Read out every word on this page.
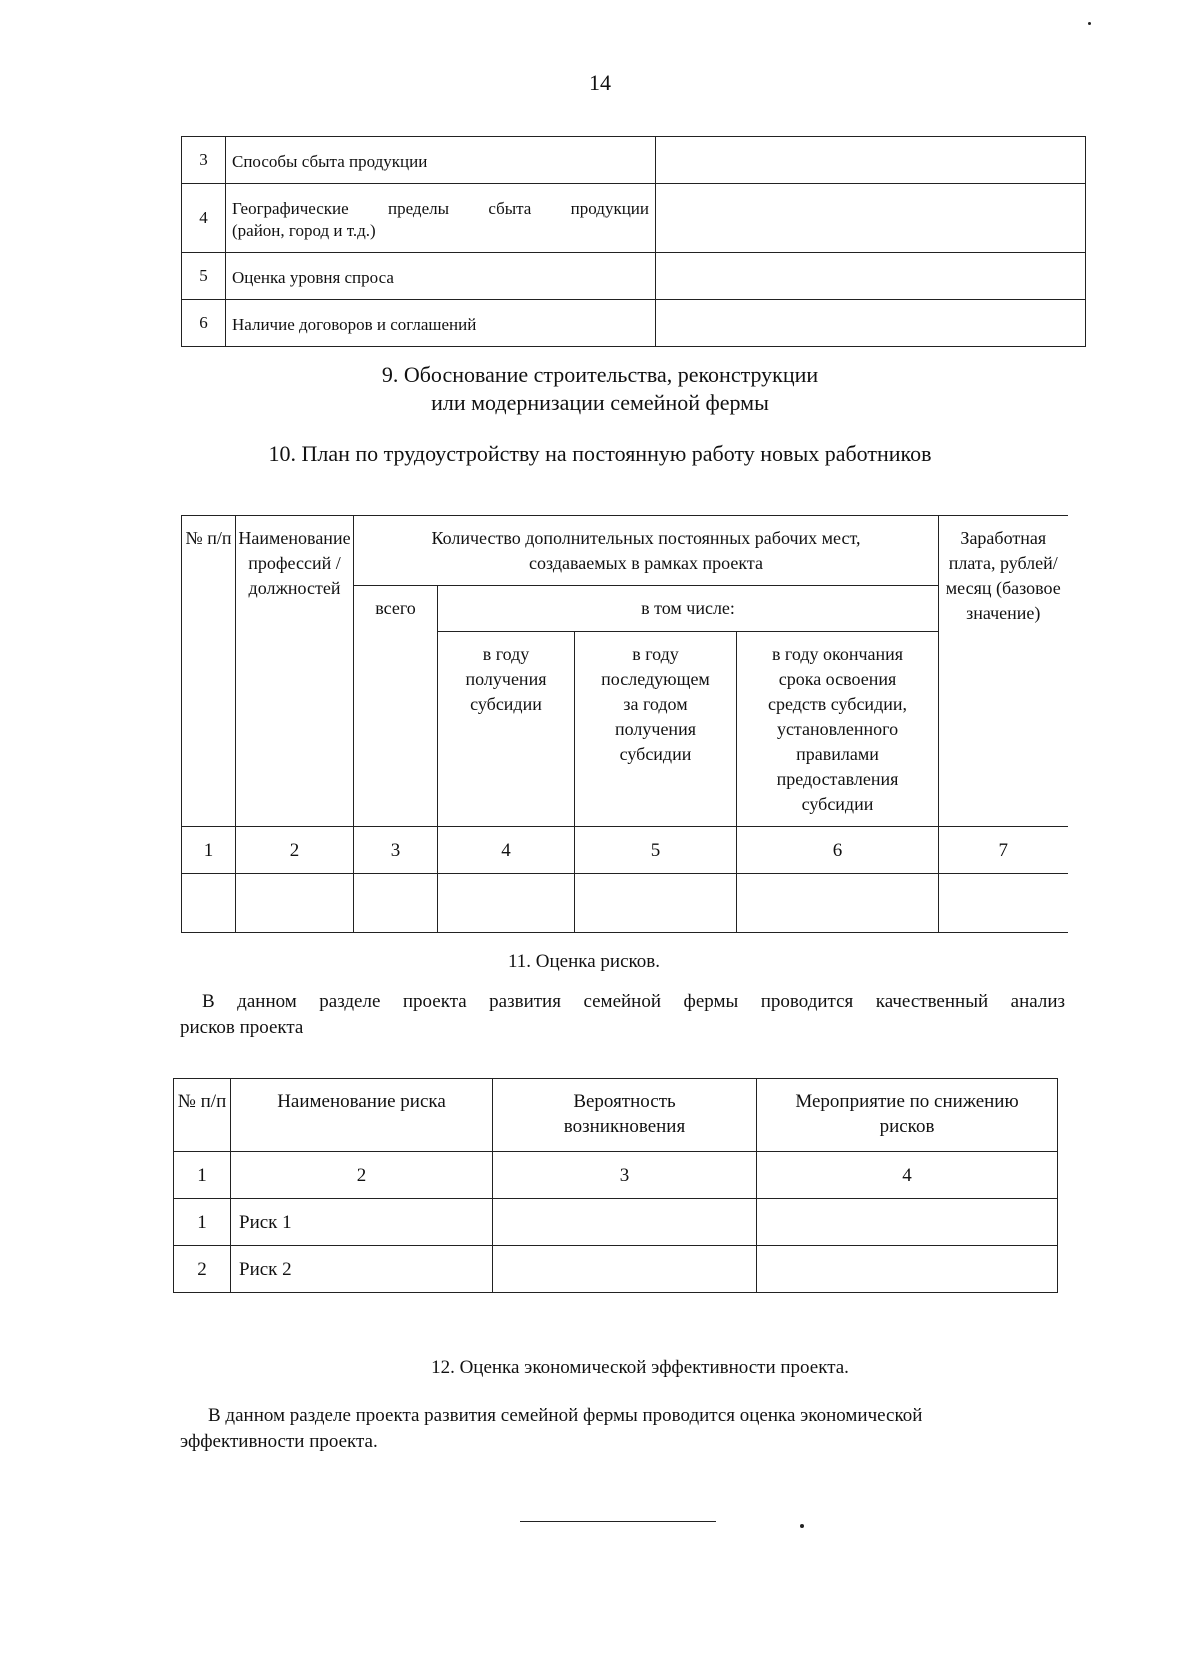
14
3	Способы сбыта продукции	
4	Географические пределы сбыта продукции
(район, город и т.д.)	

5	Оценка уровня спроса	
6	Наличие договоров и соглашений	
9. Обоснование строительства, реконструкции
или модернизации семейной фермы
10. План по трудоустройству на постоянную работу новых работников
№ п/п	Наименование профессий /должностей	Количество дополнительных постоянных рабочих мест, создаваемых в рамках проекта				Заработная плата, рублей/месяц (базовое значение)
		всего	в том числе:			
			в году получения субсидии	в году последующем за годом получения субсидии	в году окончания срока освоения средств субсидии, установленного правилами предоставления субсидии	
1	2	3	4	5	6	7

11. Оценка рисков.
В данном разделе проекта развития семейной фермы проводится качественный анализ
рисков проекта
№ п/п	Наименование риска	Вероятность возникновения	Мероприятие по снижению рисков
1	2	3	4
1	Риск 1		
2	Риск 2		
12. Оценка экономической эффективности проекта.
В данном разделе проекта развития семейной фермы проводится оценка экономической
эффективности проекта.
